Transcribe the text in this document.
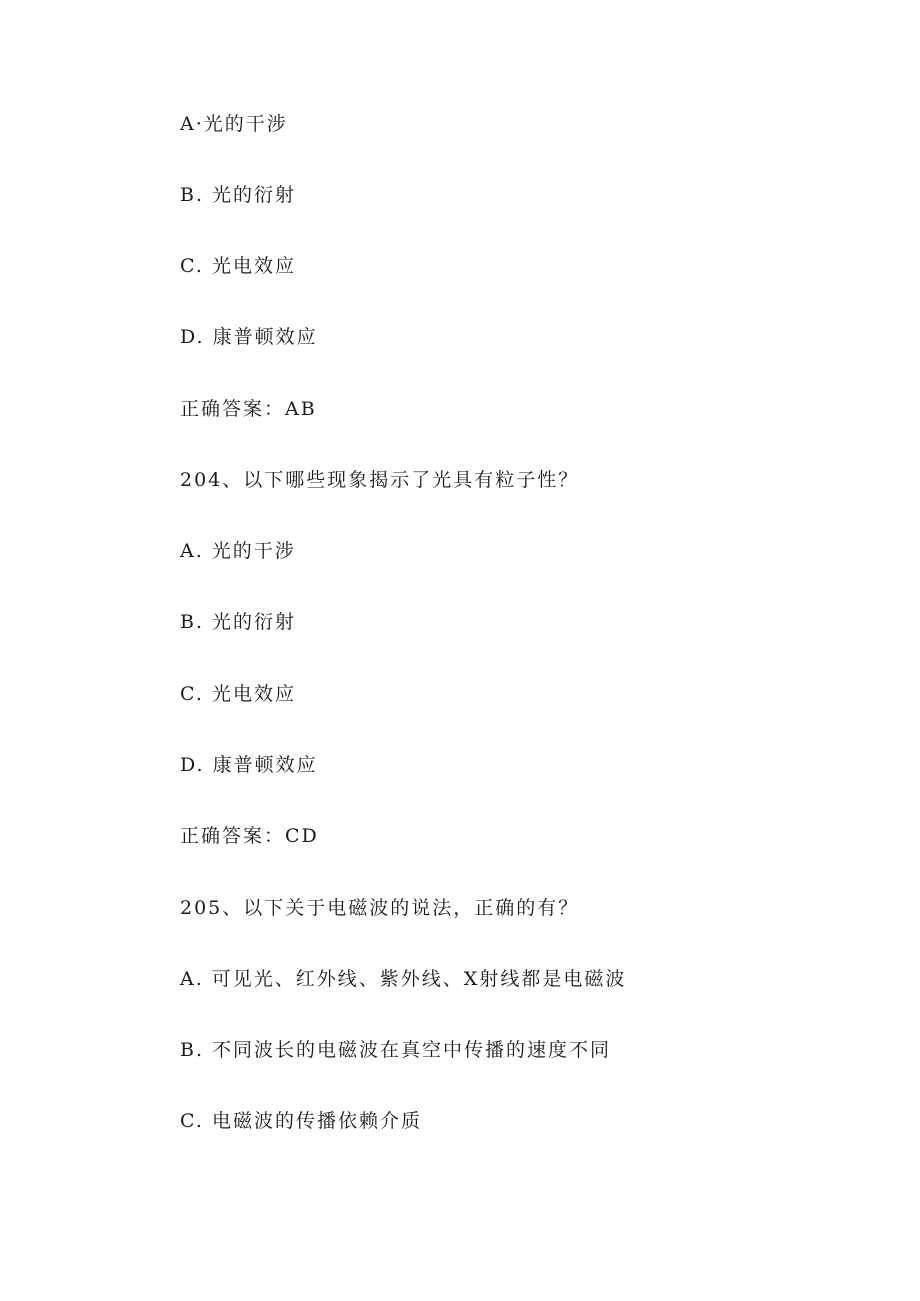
A·光的干涉

B. 光的衍射

C. 光电效应

D. 康普顿效应

正确答案：AB

204、以下哪些现象揭示了光具有粒子性？

A. 光的干涉

B. 光的衍射

C. 光电效应

D. 康普顿效应

正确答案：CD

205、以下关于电磁波的说法，正确的有？

A. 可见光、红外线、紫外线、X射线都是电磁波

B. 不同波长的电磁波在真空中传播的速度不同

C. 电磁波的传播依赖介质
